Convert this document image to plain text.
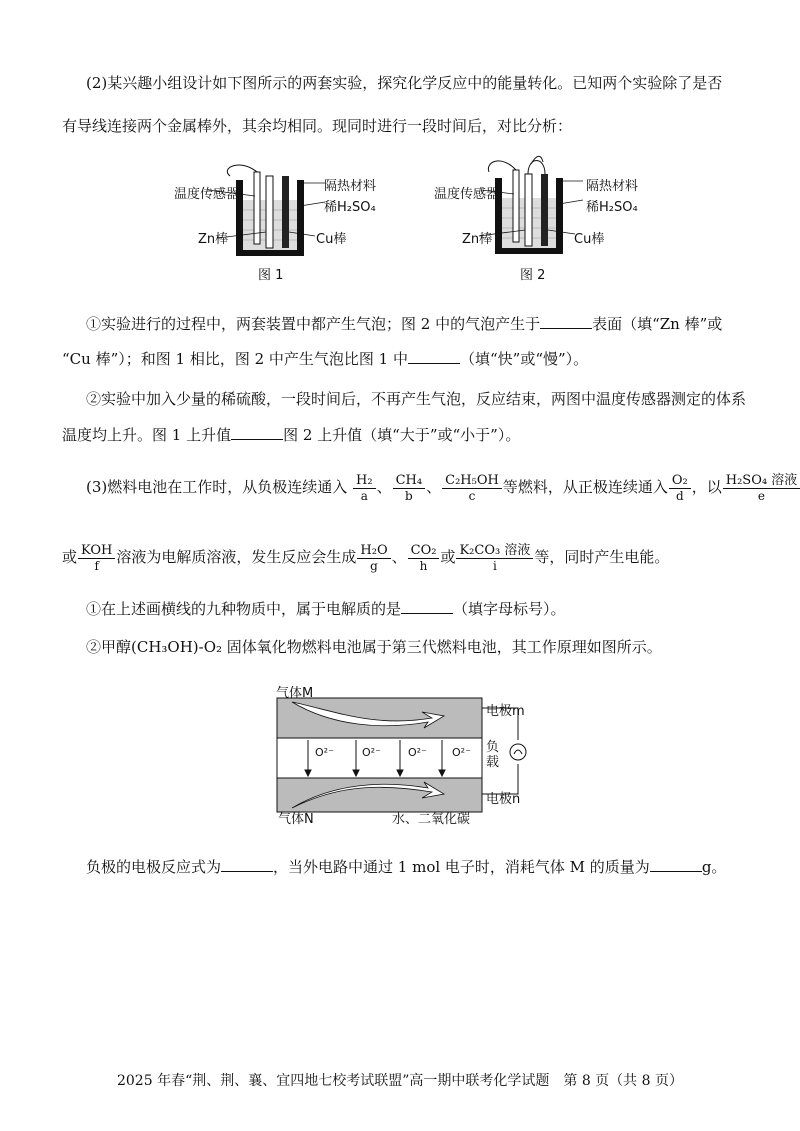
(2)某兴趣小组设计如下图所示的两套实验，探究化学反应中的能量转化。已知两个实验除了是否
有导线连接两个金属棒外，其余均相同。现同时进行一段时间后，对比分析：
温度传感器
隔热材料
稀H₂SO₄
Zn棒	Cu棒
图 1
温度传感器
隔热材料
稀H₂SO₄
Zn棒	Cu棒
图 2
①实验进行的过程中，两套装置中都产生气泡；图 2 中的气泡产生于	表面（填“Zn 棒”或
“Cu 棒”）；和图 1 相比，图 2 中产生气泡比图 1 中	（填“快”或“慢”）。
②实验中加入少量的稀硫酸，一段时间后，不再产生气泡，反应结束，两图中温度传感器测定的体系
温度均上升。图 1 上升值	图 2 上升值（填“大于”或“小于”）。
(3)燃料电池在工作时，从负极连续通入 $\frac{\text{H₂}}{a}$ 、 $\frac{\text{CH₄}}{b}$ 、 $\frac{\text{C₂H₅OH}}{c}$ 等燃料，从正极连续通入 $\frac{\text{O₂}}{d}$ ，以 $\frac{\text{H₂SO₄ 溶液}}{e}$
或 $\frac{\text{KOH}}{f}$ 溶液为电解质溶液，发生反应会生成 $\frac{\text{H₂O}}{g}$ 、 $\frac{\text{CO₂}}{h}$ 或 $\frac{\text{K₂CO₃ 溶液}}{i}$ 等，同时产生电能。
①在上述画横线的九种物质中，属于电解质的是	（填字母标号）。
②甲醇(CH₃OH)-O₂ 固体氧化物燃料电池属于第三代燃料电池，其工作原理如图所示。
气体M
气体N
电极m
电极n
负载
O²⁻	O²⁻ O²⁻ O²⁻
水、二氧化碳
负极的电极反应式为	，当外电路中通过 1 mol 电子时，消耗气体 M 的质量为	g。
2025 年春“荆、荆、襄、宜四地七校考试联盟”高一期中联考化学试题　第 8 页（共 8 页）
